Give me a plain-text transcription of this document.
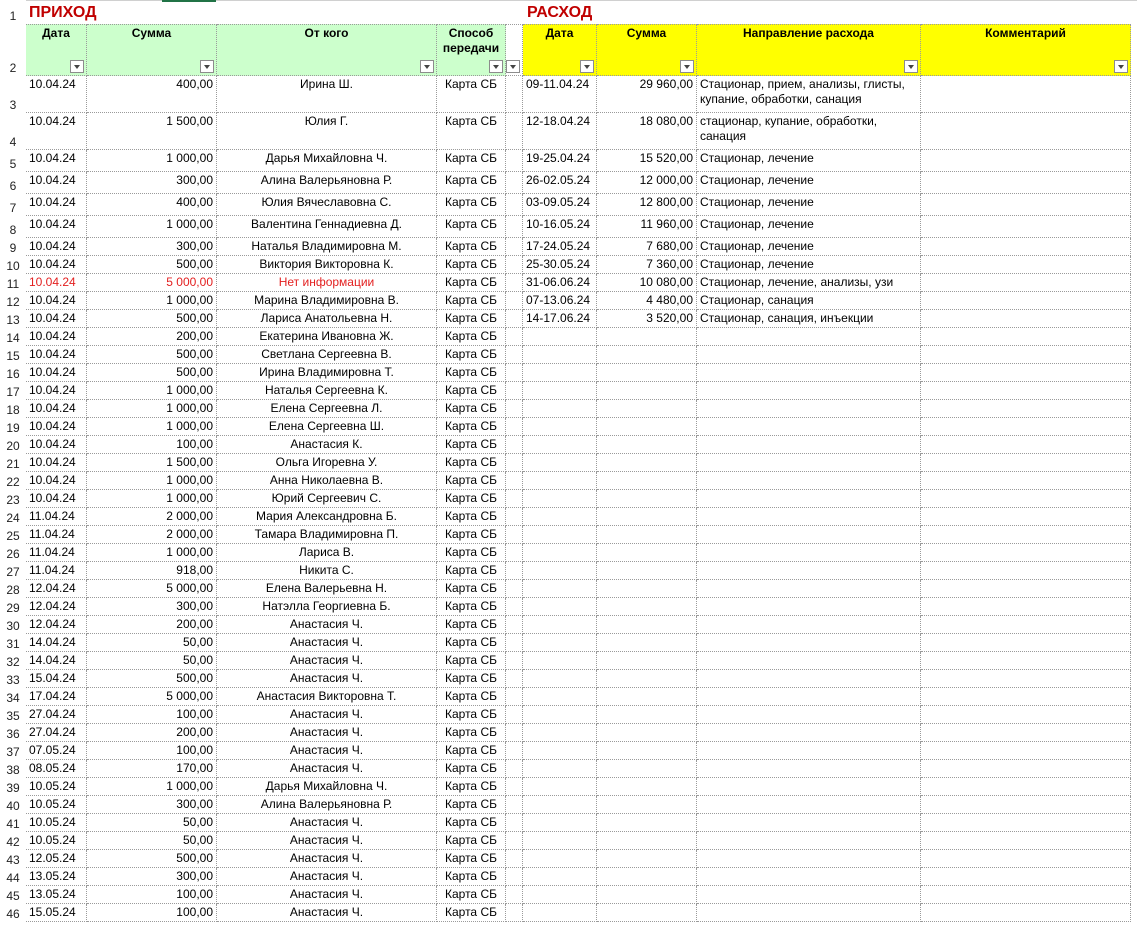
1
2
3
4
5
6
7
8
9
10
11
12
13
14
15
16
17
18
19
20
21
22
23
24
25
26
27
28
29
30
31
32
33
34
35
36
37
38
39
40
41
42
43
44
45
46
ПРИХОД	РАСХОД
Дата	Сумма	От кого	Способ передачи
Дата	Сумма	Направление расхода	Комментарий
10.04.24	400,00	Ирина Ш.	Карта СБ
10.04.24	1 500,00	Юлия Г.	Карта СБ
10.04.24	1 000,00	Дарья Михайловна Ч.	Карта СБ
10.04.24	300,00	Алина Валерьяновна Р.	Карта СБ
10.04.24	400,00	Юлия Вячеславовна С.	Карта СБ
10.04.24	1 000,00	Валентина Геннадиевна Д.	Карта СБ
10.04.24	300,00	Наталья Владимировна М.	Карта СБ
10.04.24	500,00	Виктория Викторовна К.	Карта СБ
10.04.24	5 000,00	Нет информации	Карта СБ
10.04.24	1 000,00	Марина Владимировна В.	Карта СБ
10.04.24	500,00	Лариса Анатольевна Н.	Карта СБ
10.04.24	200,00	Екатерина Ивановна Ж.	Карта СБ
10.04.24	500,00	Светлана Сергеевна В.	Карта СБ
10.04.24	500,00	Ирина Владимировна Т.	Карта СБ
10.04.24	1 000,00	Наталья Сергеевна К.	Карта СБ
10.04.24	1 000,00	Елена Сергеевна Л.	Карта СБ
10.04.24	1 000,00	Елена Сергеевна Ш.	Карта СБ
10.04.24	100,00	Анастасия К.	Карта СБ
10.04.24	1 500,00	Ольга Игоревна У.	Карта СБ
10.04.24	1 000,00	Анна Николаевна В.	Карта СБ
10.04.24	1 000,00	Юрий Сергеевич С.	Карта СБ
11.04.24	2 000,00	Мария Александровна Б.	Карта СБ
11.04.24	2 000,00	Тамара Владимировна П.	Карта СБ
11.04.24	1 000,00	Лариса В.	Карта СБ
11.04.24	918,00	Никита С.	Карта СБ
12.04.24	5 000,00	Елена Валерьевна Н.	Карта СБ
12.04.24	300,00	Натэлла Георгиевна Б.	Карта СБ
12.04.24	200,00	Анастасия Ч.	Карта СБ
14.04.24	50,00	Анастасия Ч.	Карта СБ
14.04.24	50,00	Анастасия Ч.	Карта СБ
15.04.24	500,00	Анастасия Ч.	Карта СБ
17.04.24	5 000,00	Анастасия Викторовна Т.	Карта СБ
27.04.24	100,00	Анастасия Ч.	Карта СБ
27.04.24	200,00	Анастасия Ч.	Карта СБ
07.05.24	100,00	Анастасия Ч.	Карта СБ
08.05.24	170,00	Анастасия Ч.	Карта СБ
10.05.24	1 000,00	Дарья Михайловна Ч.	Карта СБ
10.05.24	300,00	Алина Валерьяновна Р.	Карта СБ
10.05.24	50,00	Анастасия Ч.	Карта СБ
10.05.24	50,00	Анастасия Ч.	Карта СБ
12.05.24	500,00	Анастасия Ч.	Карта СБ
13.05.24	300,00	Анастасия Ч.	Карта СБ
13.05.24	100,00	Анастасия Ч.	Карта СБ
15.05.24	100,00	Анастасия Ч.	Карта СБ
09-11.04.24	29 960,00 Стационар, прием, анализы, глисты, купание, обработки, санация
12-18.04.24	18 080,00 стационар, купание, обработки, санация
19-25.04.24	15 520,00 Стационар, лечение
26-02.05.24	12 000,00 Стационар, лечение
03-09.05.24	12 800,00 Стационар, лечение
10-16.05.24	11 960,00 Стационар, лечение
17-24.05.24	7 680,00 Стационар, лечение
25-30.05.24	7 360,00 Стационар, лечение
31-06.06.24	10 080,00 Стационар, лечение, анализы, узи
07-13.06.24	4 480,00 Стационар, санация
14-17.06.24	3 520,00 Стационар, санация, инъекции
